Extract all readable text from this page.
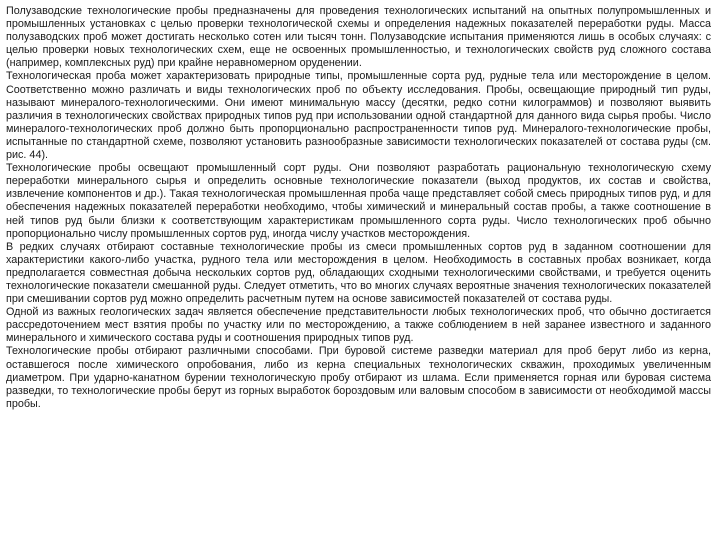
Полузаводские технологические пробы предназначены для проведения технологических испытаний на опытных полупромышленных и промышленных установках с целью проверки технологической схемы и определения надежных показателей переработки руды. Масса полузаводских проб может достигать несколько сотен или тысяч тонн. Полузаводские испытания применяются лишь в особых случаях: с целью проверки новых технологических схем, еще не освоенных промышленностью, и технологических свойств руд сложного состава (например, комплексных руд) при крайне неравномерном оруденении.

Технологическая проба может характеризовать природные типы, промышленные сорта руд, рудные тела или месторождение в целом. Соответственно можно различать и виды технологических проб по объекту исследования. Пробы, освещающие природный тип руды, называют минералого-технологическими. Они имеют минимальную массу (десятки, редко сотни килограммов) и позволяют выявить различия в технологических свойствах природных типов руд при использовании одной стандартной для данного вида сырья пробы. Число минералого-технологических проб должно быть пропорционально распространенности типов руд. Минералого-технологические пробы, испытанные по стандартной схеме, позволяют установить разнообразные зависимости технологических показателей от состава руды (см. рис. 44).

Технологические пробы освещают промышленный сорт руды. Они позволяют разработать рациональную технологическую схему переработки минерального сырья и определить основные технологические показатели (выход продуктов, их состав и свойства, извлечение компонентов и др.). Такая технологическая промышленная проба чаще представляет собой смесь природных типов руд, и для обеспечения надежных показателей переработки необходимо, чтобы химический и минеральный состав пробы, а также соотношение в ней типов руд были близки к соответствующим характеристикам промышленного сорта руды. Число технологических проб обычно пропорционально числу промышленных сортов руд, иногда числу участков месторождения.

В редких случаях отбирают составные технологические пробы из смеси промышленных сортов руд в заданном соотношении для характеристики какого-либо участка, рудного тела или месторождения в целом. Необходимость в составных пробах возникает, когда предполагается совместная добыча нескольких сортов руд, обладающих сходными технологическими свойствами, и требуется оценить технологические показатели смешанной руды. Следует отметить, что во многих случаях вероятные значения технологических показателей при смешивании сортов руд можно определить расчетным путем на основе зависимостей показателей от состава руды.

Одной из важных геологических задач является обеспечение представительности любых технологических проб, что обычно достигается рассредоточением мест взятия пробы по участку или по месторождению, а также соблюдением в ней заранее известного и заданного минерального и химического состава руды и соотношения природных типов руд.

Технологические пробы отбирают различными способами. При буровой системе разведки материал для проб берут либо из керна, оставшегося после химического опробования, либо из керна специальных технологических скважин, проходимых увеличенным диаметром. При ударно-канатном бурении технологическую пробу отбирают из шлама. Если применяется горная или буровая система разведки, то технологические пробы берут из горных выработок бороздовым или валовым способом в зависимости от необходимой массы пробы.
